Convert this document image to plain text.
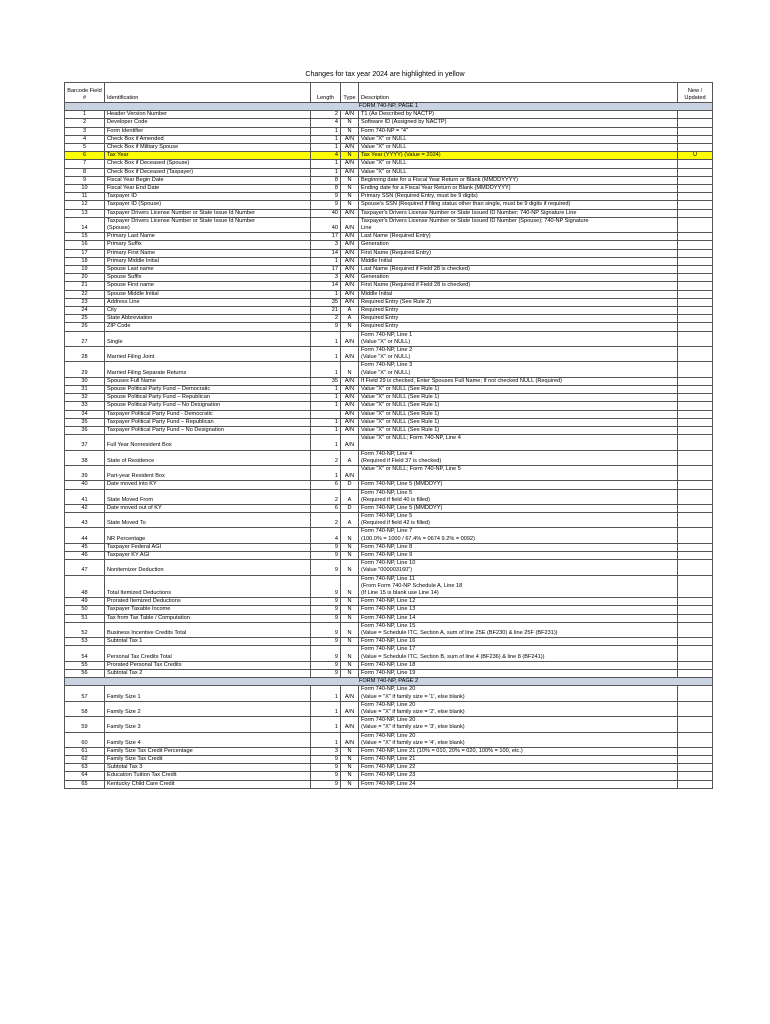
Changes for tax year 2024 are highlighted in yellow
Barcode Field #	Identification	Length	Type	Description	New / Updated
FORM 740-NP, PAGE 1					
1	Header Version Number	2	A/N	T1 (As Described by NACTP)	
2	Developer Code	4	N	Software ID (Assigned by NACTP)	
3	Form Identifier	1	N	Form 740-NP = "4"	
4	Check Box if Amended	1	A/N	Value "X" or NULL	
5	Check Box if Military Spouse	1	A/N	Value "X" or NULL	
6	Tax Year	4	N	Tax Year (YYYY) (Value = 2024)	U
7	Check Box if Deceased (Spouse)	1	A/N	Value "X" or NULL	
8	Check Box if Deceased (Taxpayer)	1	A/N	Value "X" or NULL	
9	Fiscal Year Begin Date	8	N	Beginning date for a Fiscal Year Return or Blank (MMDDYYYY)	
10	Fiscal Year End Date	8	N	Ending date for a Fiscal Year Return or Blank (MMDDYYYY)	
11	Taxpayer ID	9	N	Primary SSN (Required Entry, must be 9 digits)	
12	Taxpayer ID (Spouse)	9	N	Spouse's SSN (Required if filing status other than single, must be 9 digits if required)	
13	Taxpayer Drivers License Number or State Issue Id Number	40	A/N	Taxpayer's Drivers License Number or State Issued ID Number; 740-NP Signature Line	
14	Taxpayer Drivers License Number or State Issue Id Number
(Spouse)	40	A/N	Taxpayer's Drivers License Number or State Issued ID Number (Spouse); 740-NP Signature
Line	

15	Primary Last Name	17	A/N	Last Name (Required Entry)	
16	Primary Suffix	3	A/N	Generation	
17	Primary First Name	14	A/N	First Name (Required Entry)	
18	Primary Middle Initial	1	A/N	Middle Initial	
19	Spouse Last name	17	A/N	Last Name (Required if Field 28 is checked)	
20	Spouse Suffix	3	A/N	Generation	
21	Spouse First name	14	A/N	First Name (Required if Field 28 is checked)	
22	Spouse Middle Initial	1	A/N	Middle Initial	
23	Address Line	35	A/N	Required Entry (See Rule 2)	
24	City	21	A	Required Entry	
25	State Abbreviation	2	A	Required Entry	
26	ZIP Code	9	N	Required Entry	
27	Single	1	A/N	Form 740-NP, Line 1
(Value "X" or NULL)	

28	Married Filing Joint	1	A/N	Form 740-NP, Line 2
(Value "X" or NULL)	

29	Married Filing Separate Returns	1	N	Form 740-NP, Line 3
(Value "X" or NULL)	

30	Spouses Full Name	35	A/N	If Field 29 is checked, Enter Spouses Full Name; If not checked NULL (Required)	
31	Spouse Political Party Fund – Democratic	1	A/N	Value "X" or NULL (See Rule 1)	
32	Spouse Political Party Fund – Republican	1	A/N	Value "X" or NULL (See Rule 1)	
33	Spouse Political Party Fund – No Designation	1	A/N	Value "X" or NULL (See Rule 1)	
34	Taxpayer Political Party Fund - Democratic		A/N	Value "X" or NULL (See Rule 1)	
35	Taxpayer Political Party Fund – Republican	1	A/N	Value "X" or NULL (See Rule 1)	
36	Taxpayer Political Party Fund – No Designation	1	A/N	Value "X" or NULL (See Rule 1)	
37	Full Year Nonresident Box	1	A/N	Value "X" or NULL; Form 740-NP, Line 4	

38	State of Residence	2	A	Form 740-NP, Line 4
(Required if Field 37 is checked)	

39	Part-year Resident Box	1	A/N	Value "X" or NULL; Form 740-NP, Line 5	

40	Date moved into KY	6	D	Form 740-NP, Line 5 (MMDDYY)	
41	State Moved From	2	A	Form 740-NP, Line 5
(Required if field 40 is filled)	

42	Date moved out of KY	6	D	Form 740-NP, Line 5 (MMDDYY)	
43	State Moved To	2	A	Form 740-NP, Line 5
(Required if field 42 is filled)	

44	NR Percentage	4	N	Form 740-NP, Line 7
(100.0% = 1000 / 67.4% = 0674 9.2% = 0092)	

45	Taxpayer Federal AGI	9	N	Form 740-NP, Line 8	
46	Taxpayer KY AGI	9	N	Form 740-NP, Line 9	
47	Nonitemizer Deduction	9	N	Form 740-NP, Line 10
(Value "000003160")	

48	Total Itemized Deductions	9	N	Form 740-NP, Line 11
(From Form 740-NP Schedule A, Line 18
(If Line 15 is blank use Line 14)	

49	Prorated Itemized Deductions	9	N	Form 740-NP, Line 12	
50	Taxpayer Taxable Income	9	N	Form 740-NP, Line 13	
51	Tax from Tax Table / Computation	9	N	Form 740-NP, Line 14	
52	Business Incentive Credits Total	9	N	Form 740-NP, Line 15
(Value = Schedule ITC, Section A, sum of line 25E (BF230) & line 25F (BF231))	

53	Subtotal Tax 1	9	N	Form 740-NP, Line 16	
54	Personal Tax Credits Total	9	N	Form 740-NP, Line 17
(Value = Schedule ITC, Section B, sum of line 4 (BF236) & line 8 (BF241))	

55	Prorated Personal Tax Credits	9	N	Form 740-NP, Line 18	
56	Subtotal Tax 2	9	N	Form 740-NP, Line 19	
FORM 740-NP, PAGE 2					
57	Family Size 1	1	A/N	Form 740-NP, Line 20
(Value = "X" if family size = '1', else blank)	

58	Family Size 2	1	A/N	Form 740-NP, Line 20
(Value = "X" if family size = '2', else blank)	

59	Family Size 3	1	A/N	Form 740-NP, Line 20
(Value = "X" if family size = '3', else blank)	

60	Family Size 4	1	A/N	Form 740-NP, Line 20
(Value = "X" if family size = '4', else blank)	

61	Family Size Tax Credit Percentage	3	N	Form 740-NP, Line 21 (10% = 010, 20% = 020, 100% = 100, etc.)	
62	Family Size Tax Credit	9	N	Form 740-NP, Line 21	
63	Subtotal Tax 3	9	N	Form 740-NP, Line 22	
64	Education Tuition Tax Credit	9	N	Form 740-NP, Line 23	
65	Kentucky Child Care Credit	9	N	Form 740-NP, Line 24	
